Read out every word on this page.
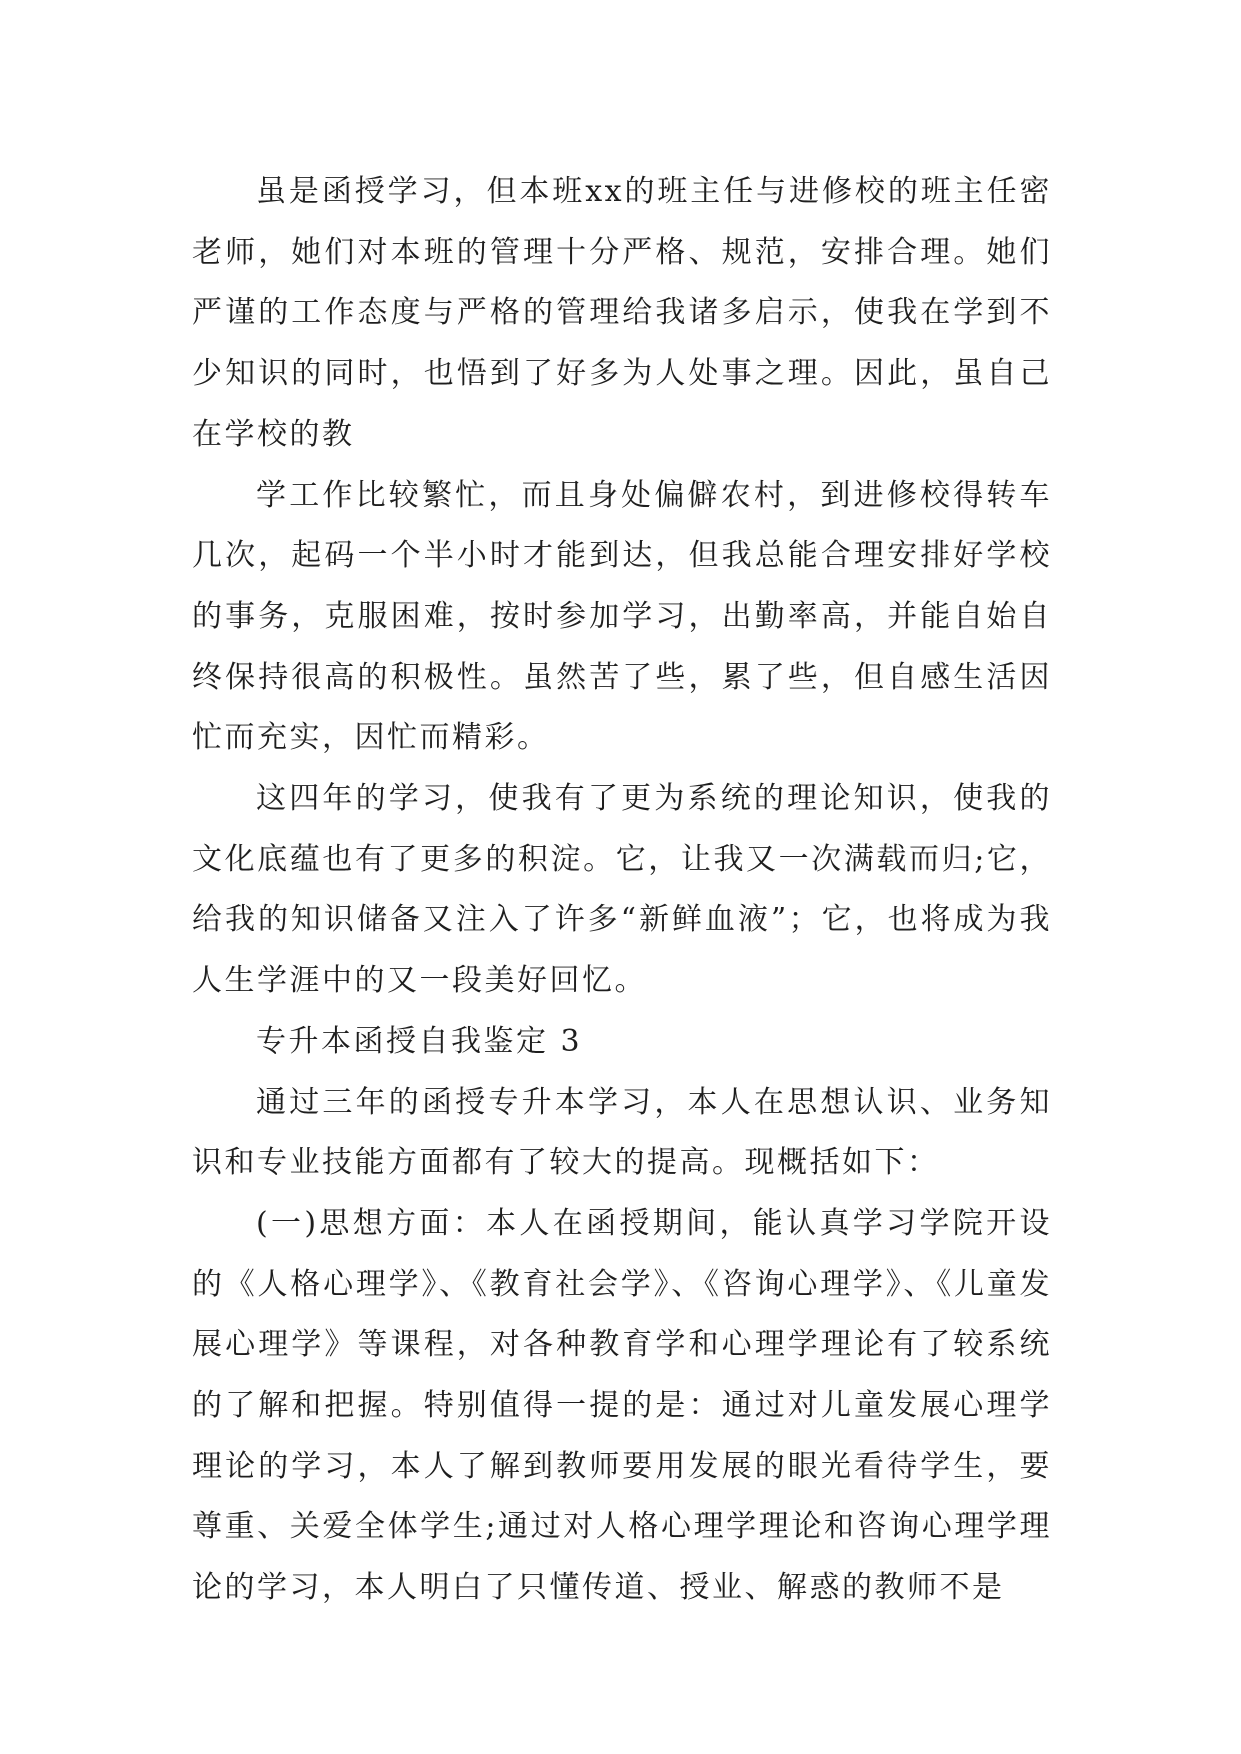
虽是函授学习，但本班xx的班主任与进修校的班主任密老师，她们对本班的管理十分严格、规范，安排合理。她们严谨的工作态度与严格的管理给我诸多启示，使我在学到不少知识的同时，也悟到了好多为人处事之理。因此，虽自己在学校的教

学工作比较繁忙，而且身处偏僻农村，到进修校得转车几次，起码一个半小时才能到达，但我总能合理安排好学校的事务，克服困难，按时参加学习，出勤率高，并能自始自终保持很高的积极性。虽然苦了些，累了些，但自感生活因忙而充实，因忙而精彩。

这四年的学习，使我有了更为系统的理论知识，使我的文化底蕴也有了更多的积淀。它，让我又一次满载而归;它，给我的知识储备又注入了许多“新鲜血液”；它，也将成为我人生学涯中的又一段美好回忆。

专升本函授自我鉴定 3

通过三年的函授专升本学习，本人在思想认识、业务知识和专业技能方面都有了较大的提高。现概括如下：

(一)思想方面：本人在函授期间，能认真学习学院开设的《人格心理学》、《教育社会学》、《咨询心理学》、《儿童发展心理学》等课程，对各种教育学和心理学理论有了较系统的了解和把握。特别值得一提的是：通过对儿童发展心理学理论的学习，本人了解到教师要用发展的眼光看待学生，要尊重、关爱全体学生;通过对人格心理学理论和咨询心理学理论的学习，本人明白了只懂传道、授业、解惑的教师不是
